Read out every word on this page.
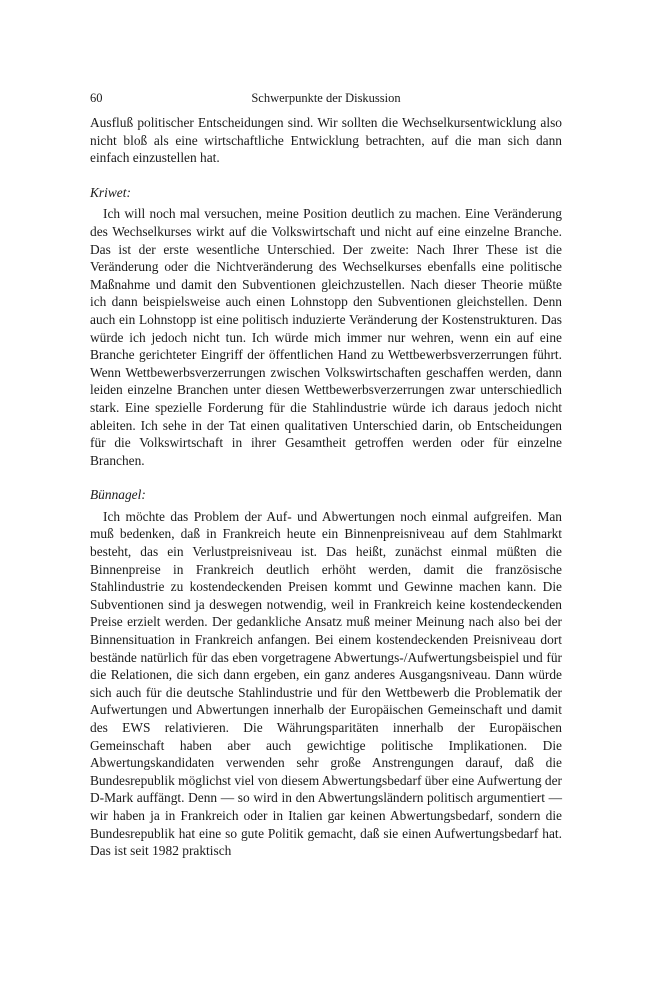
60	Schwerpunkte der Diskussion

Ausfluß politischer Entscheidungen sind. Wir sollten die Wechselkursentwicklung also nicht bloß als eine wirtschaftliche Entwicklung betrachten, auf die man sich dann einfach einzustellen hat.

Kriwet:

Ich will noch mal versuchen, meine Position deutlich zu machen. Eine Veränderung des Wechselkurses wirkt auf die Volkswirtschaft und nicht auf eine einzelne Branche. Das ist der erste wesentliche Unterschied. Der zweite: Nach Ihrer These ist die Veränderung oder die Nichtveränderung des Wechselkurses ebenfalls eine politische Maßnahme und damit den Subventionen gleichzustellen. Nach dieser Theorie müßte ich dann beispielsweise auch einen Lohnstopp den Subventionen gleichstellen. Denn auch ein Lohnstopp ist eine politisch induzierte Veränderung der Kostenstrukturen. Das würde ich jedoch nicht tun. Ich würde mich immer nur wehren, wenn ein auf eine Branche gerichteter Eingriff der öffentlichen Hand zu Wettbewerbsverzerrungen führt. Wenn Wettbewerbsverzerrungen zwischen Volkswirtschaften geschaffen werden, dann leiden einzelne Branchen unter diesen Wettbewerbsverzerrungen zwar unterschiedlich stark. Eine spezielle Forderung für die Stahlindustrie würde ich daraus jedoch nicht ableiten. Ich sehe in der Tat einen qualitativen Unterschied darin, ob Entscheidungen für die Volkswirtschaft in ihrer Gesamtheit getroffen werden oder für einzelne Branchen.

Bünnagel:

Ich möchte das Problem der Auf- und Abwertungen noch einmal aufgreifen. Man muß bedenken, daß in Frankreich heute ein Binnenpreisniveau auf dem Stahlmarkt besteht, das ein Verlustpreisniveau ist. Das heißt, zunächst einmal müßten die Binnenpreise in Frankreich deutlich erhöht werden, damit die französische Stahlindustrie zu kostendeckenden Preisen kommt und Gewinne machen kann. Die Subventionen sind ja deswegen notwendig, weil in Frankreich keine kostendeckenden Preise erzielt werden. Der gedankliche Ansatz muß meiner Meinung nach also bei der Binnensituation in Frankreich anfangen. Bei einem kostendeckenden Preisniveau dort bestände natürlich für das eben vorgetragene Abwertungs-/Aufwertungsbeispiel und für die Relationen, die sich dann ergeben, ein ganz anderes Ausgangsniveau. Dann würde sich auch für die deutsche Stahlindustrie und für den Wettbewerb die Problematik der Aufwertungen und Abwertungen innerhalb der Europäischen Gemeinschaft und damit des EWS relativieren. Die Währungsparitäten innerhalb der Europäischen Gemeinschaft haben aber auch gewichtige politische Implikationen. Die Abwertungskandidaten verwenden sehr große Anstrengungen darauf, daß die Bundesrepublik möglichst viel von diesem Abwertungsbedarf über eine Aufwertung der D-Mark auffängt. Denn — so wird in den Abwertungsländern politisch argumentiert — wir haben ja in Frankreich oder in Italien gar keinen Abwertungsbedarf, sondern die Bundesrepublik hat eine so gute Politik gemacht, daß sie einen Aufwertungsbedarf hat. Das ist seit 1982 praktisch
